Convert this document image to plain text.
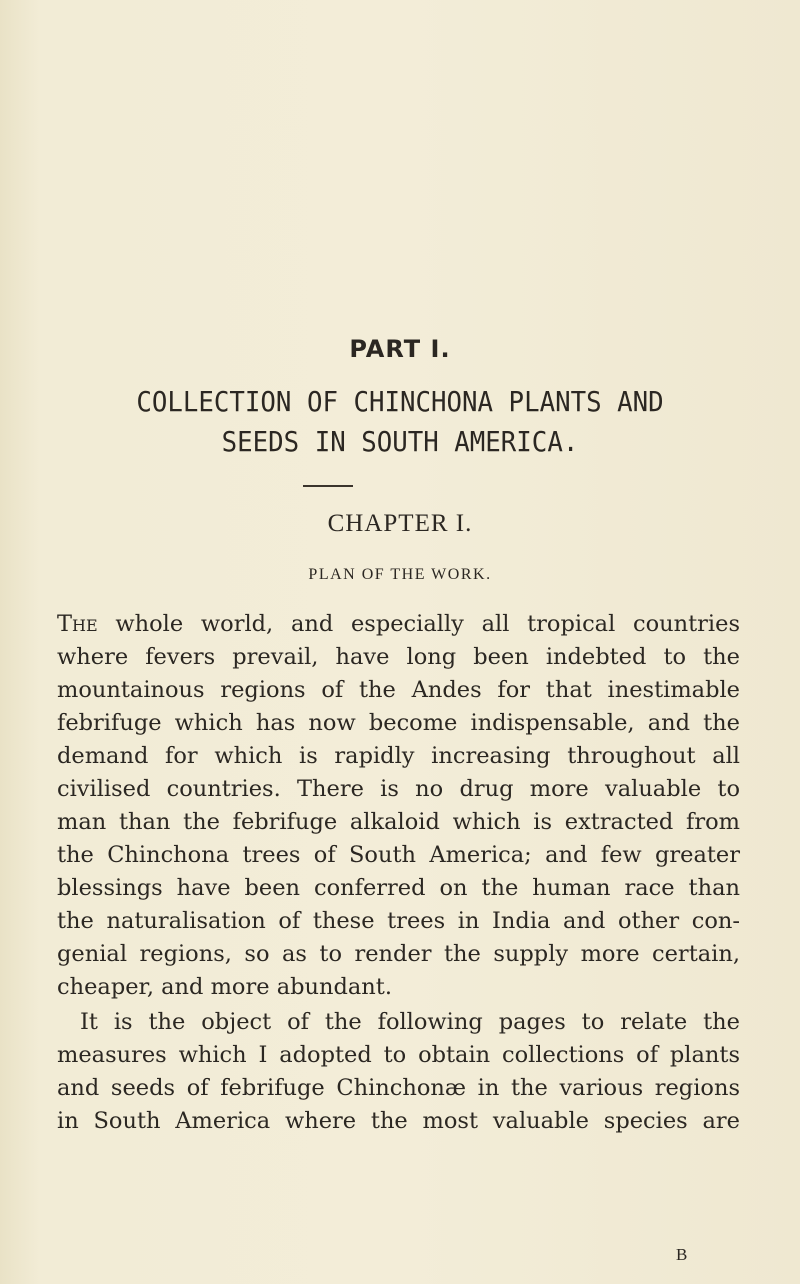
PART I.
COLLECTION OF CHINCHONA PLANTS AND
SEEDS IN SOUTH AMERICA.
CHAPTER I.
PLAN OF THE WORK.
The whole world, and especially all tropical countries
where fevers prevail, have long been indebted to the
mountainous regions of the Andes for that inestimable
febrifuge which has now become indispensable, and the
demand for which is rapidly increasing throughout all
civilised countries. There is no drug more valuable to
man than the febrifuge alkaloid which is extracted from
the Chinchona trees of South America; and few greater
blessings have been conferred on the human race than
the naturalisation of these trees in India and other con-
genial regions, so as to render the supply more certain,
cheaper, and more abundant.
It is the object of the following pages to relate the
measures which I adopted to obtain collections of plants
and seeds of febrifuge Chinchonæ in the various regions
in South America where the most valuable species are
B
